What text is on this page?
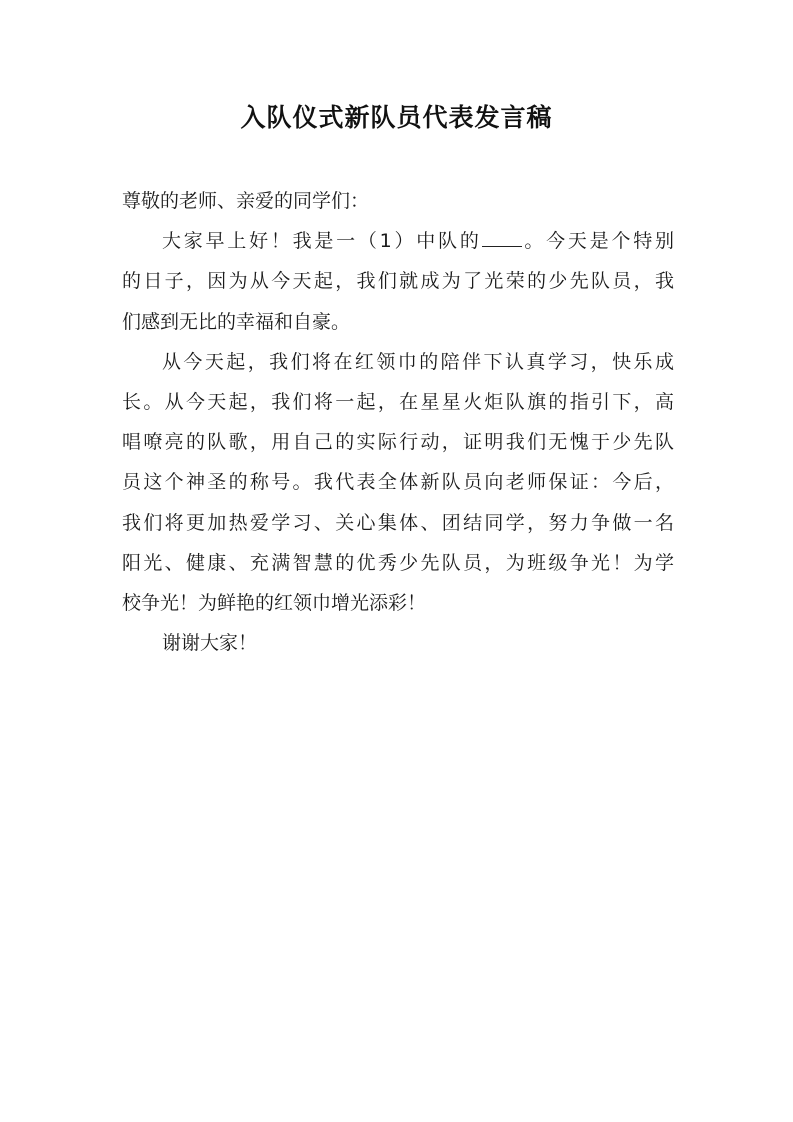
入队仪式新队员代表发言稿
尊敬的老师、亲爱的同学们：
大家早上好！我是一（1）中队的 。今天是个特别
的日子，因为从今天起，我们就成为了光荣的少先队员，我
们感到无比的幸福和自豪。
从今天起，我们将在红领巾的陪伴下认真学习，快乐成
长。从今天起，我们将一起，在星星火炬队旗的指引下，高
唱嘹亮的队歌，用自己的实际行动，证明我们无愧于少先队
员这个神圣的称号。我代表全体新队员向老师保证：今后，
我们将更加热爱学习、关心集体、团结同学，努力争做一名
阳光、健康、充满智慧的优秀少先队员，为班级争光！为学
校争光！为鲜艳的红领巾增光添彩！
谢谢大家！
